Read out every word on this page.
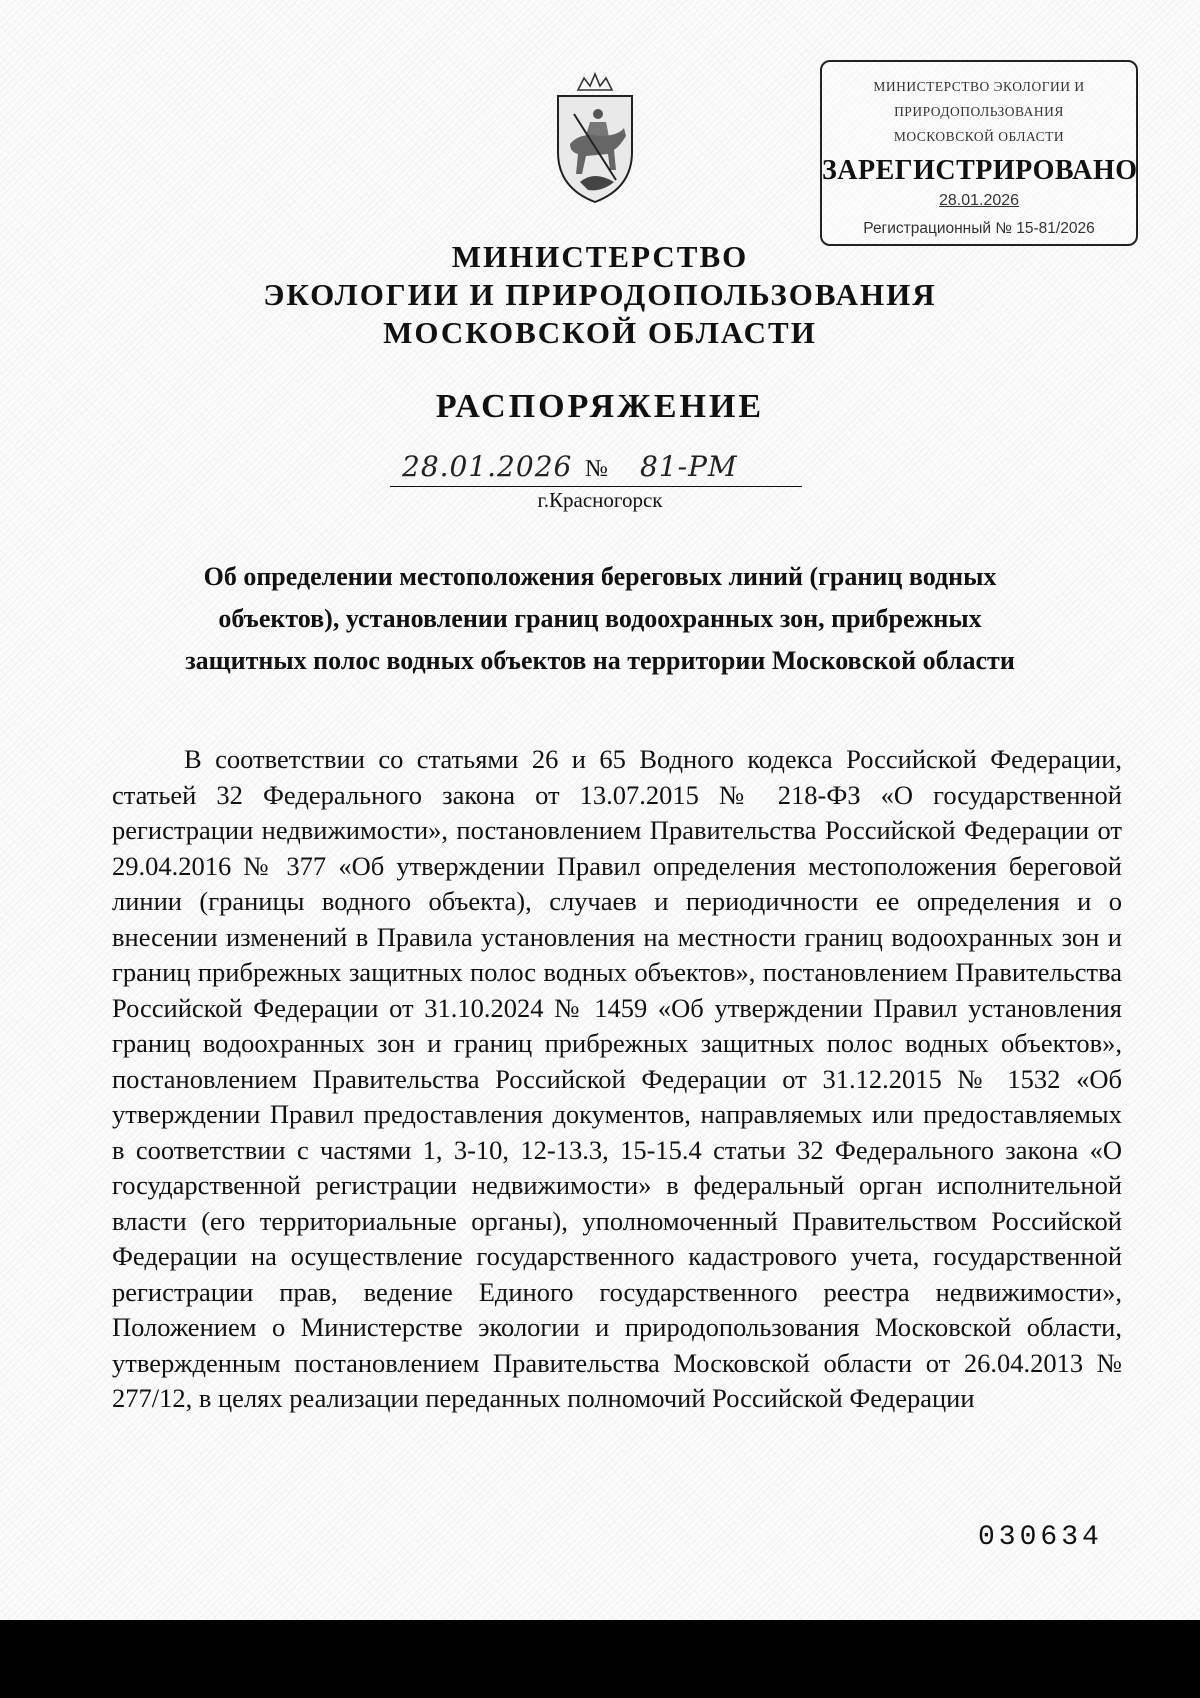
МИНИСТЕРСТВО ЭКОЛОГИИ И
ПРИРОДОПОЛЬЗОВАНИЯ
МОСКОВСКОЙ ОБЛАСТИ
ЗАРЕГИСТРИРОВАНО
28.01.2026
Регистрационный № 15-81/2026
МИНИСТЕРСТВО
ЭКОЛОГИИ И ПРИРОДОПОЛЬЗОВАНИЯ
МОСКОВСКОЙ ОБЛАСТИ
РАСПОРЯЖЕНИЕ
28.01.2026 № 81-РМ
г.Красногорск
Об определении местоположения береговых линий (границ водных
объектов), установлении границ водоохранных зон, прибрежных
защитных полос водных объектов на территории Московской области
В соответствии со статьями 26 и 65 Водного кодекса Российской Федерации, статьей 32 Федерального закона от 13.07.2015 № 218-ФЗ «О государственной регистрации недвижимости», постановлением Правительства Российской Федерации от 29.04.2016 № 377 «Об утверждении Правил определения местоположения береговой линии (границы водного объекта), случаев и периодичности ее определения и о внесении изменений в Правила установления на местности границ водоохранных зон и границ прибрежных защитных полос водных объектов», постановлением Правительства Российской Федерации от 31.10.2024 № 1459 «Об утверждении Правил установления границ водоохранных зон и границ прибрежных защитных полос водных объектов», постановлением Правительства Российской Федерации от 31.12.2015 № 1532 «Об утверждении Правил предоставления документов, направляемых или предоставляемых в соответствии с частями 1, 3-10, 12-13.3, 15-15.4 статьи 32 Федерального закона «О государственной регистрации недвижимости» в федеральный орган исполнительной власти (его территориальные органы), уполномоченный Правительством Российской Федерации на осуществление государственного кадастрового учета, государственной регистрации прав, ведение Единого государственного реестра недвижимости», Положением о Министерстве экологии и природопользования Московской области, утвержденным постановлением Правительства Московской области от 26.04.2013 № 277/12, в целях реализации переданных полномочий Российской Федерации
030634
